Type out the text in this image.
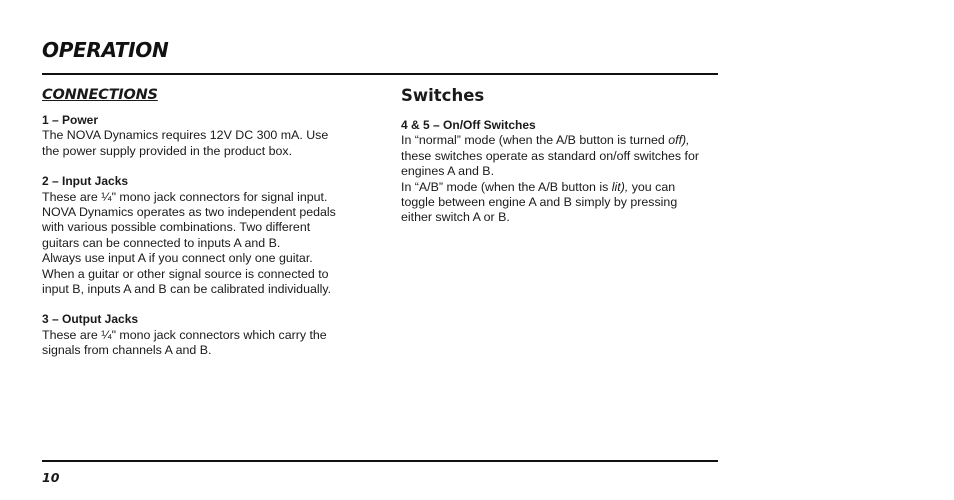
OPERATION
CONNECTIONS

1 – Power

The NOVA Dynamics requires 12V DC 300 mA. Use
the power supply provided in the product box.

2 – Input Jacks

These are ¼" mono jack connectors for signal input.
NOVA Dynamics operates as two independent pedals
with various possible combinations. Two different
guitars can be connected to inputs A and B.
Always use input A if you connect only one guitar.
When a guitar or other signal source is connected to
input B, inputs A and B can be calibrated individually.

3 – Output Jacks

These are ¼" mono jack connectors which carry the
signals from channels A and B.

Switches

4 & 5 – On/Off Switches

In “normal” mode (when the A/B button is turned off),
these switches operate as standard on/off switches for
engines A and B.
In “A/B” mode (when the A/B button is lit), you can
toggle between engine A and B simply by pressing
either switch A or B.

10
